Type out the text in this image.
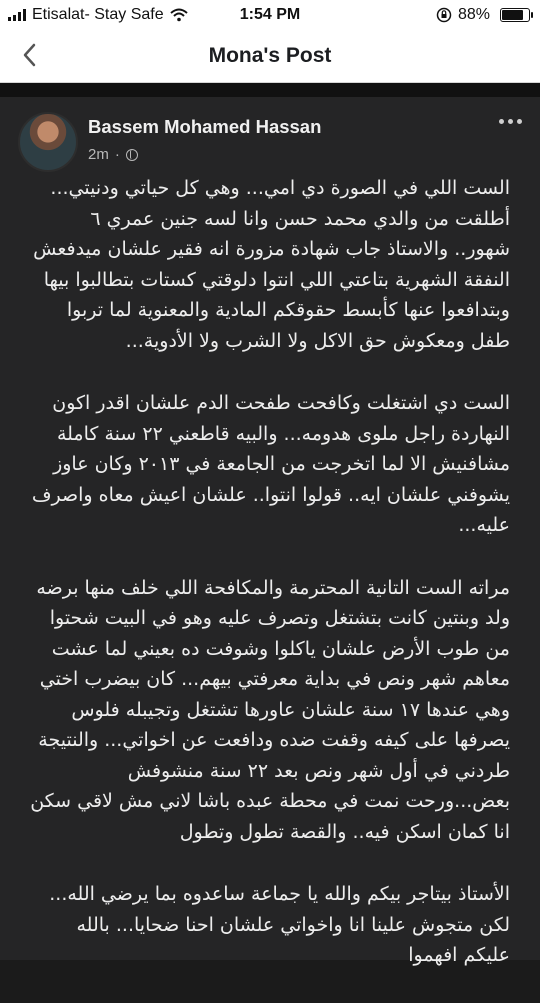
Etisalat- Stay Safe	1:54 PM	88%
Mona's Post
Bassem Mohamed Hassan
2m ·

الست اللي في الصورة دي امي... وهي كل حياتي ودنيتي... أطلقت من والدي محمد حسن وانا لسه جنين عمري ٦ شهور.. والاستاذ جاب شهادة مزورة انه فقير علشان ميدفعش النفقة الشهرية بتاعتي اللي انتوا دلوقتي كستات بتطالبوا بيها وبتدافعوا عنها كأبسط حقوقكم المادية والمعنوية لما تربوا طفل ومعكوش حق الاكل ولا الشرب ولا الأدوية...

الست دي اشتغلت وكافحت طفحت الدم علشان اقدر اكون النهاردة راجل ملوى هدومه... والبيه قاطعني ٢٢ سنة كاملة مشافنيش الا لما اتخرجت من الجامعة في ٢٠١٣ وكان عاوز يشوفني علشان ايه.. قولوا انتوا.. علشان اعيش معاه واصرف عليه...

مراته الست التانية المحترمة والمكافحة اللي خلف منها برضه ولد وبنتين كانت بتشتغل وتصرف عليه وهو في البيت شحتوا من طوب الأرض علشان ياكلوا وشوفت ده بعيني لما عشت معاهم شهر ونص في بداية معرفتي بيهم... كان بيضرب اختي وهي عندها ١٧ سنة علشان عاورها تشتغل وتجيبله فلوس يصرفها على كيفه وقفت ضده ودافعت عن اخواتي... والنتيجة طردني في أول شهر ونص بعد ٢٢ سنة منشوفش بعض...ورحت نمت في محطة عبده باشا لاني مش لاقي سكن انا كمان اسكن فيه.. والقصة تطول وتطول

الأستاذ بيتاجر بيكم والله يا جماعة ساعدوه بما يرضي الله... لكن متجوش علينا انا واخواتي علشان احنا ضحايا... بالله عليكم افهموا
